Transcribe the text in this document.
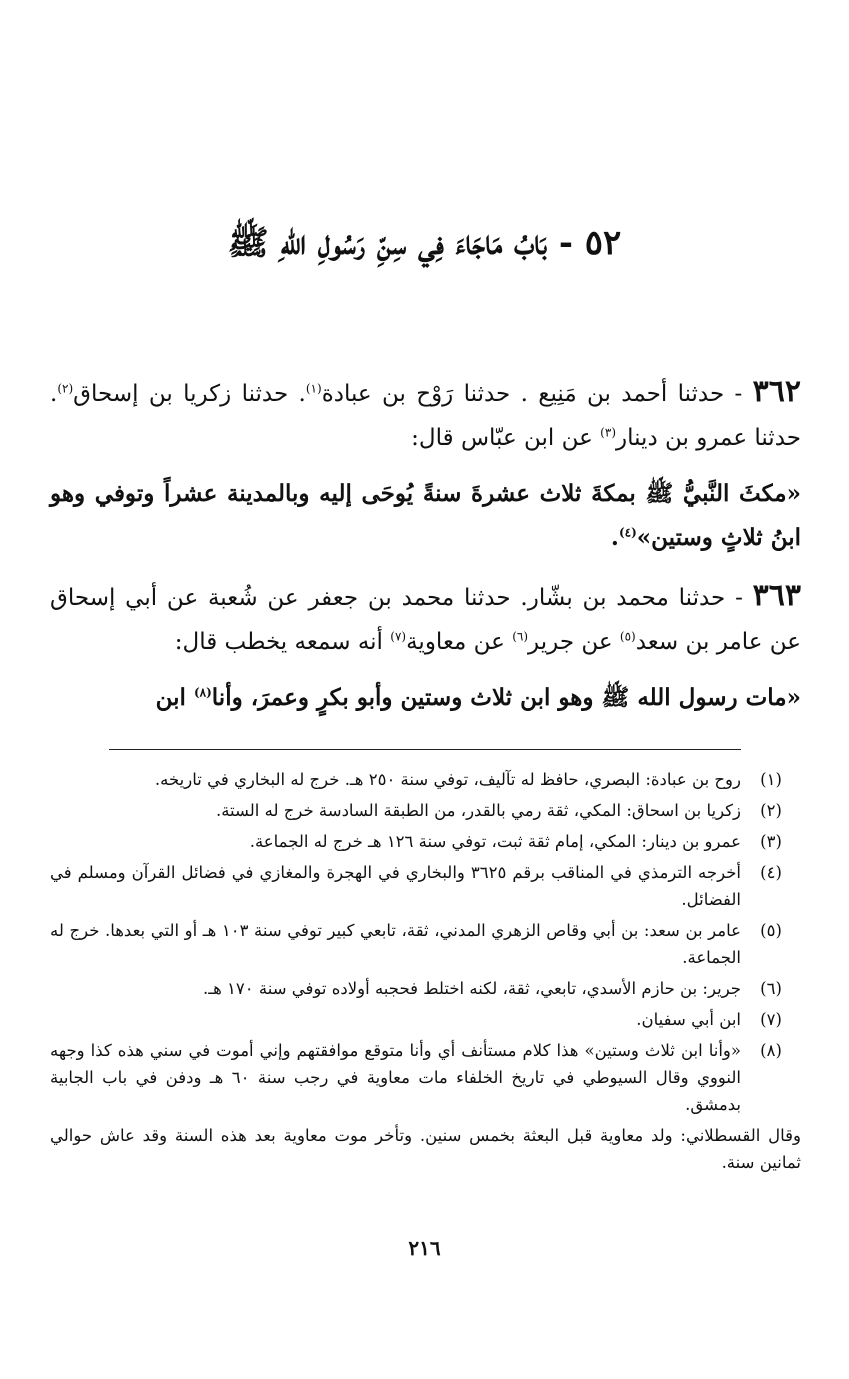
٥٢ - بَابُ مَاجَاءَ فِي سِنِّ رَسُولِ اللهِ ﷺ

٣٦٢ - حدثنا أحمد بن مَنِيع . حدثنا رَوْح بن عبادة$^{(١)}$. حدثنا زكريا بن إسحاق$^{(٢)}$. حدثنا عمرو بن دينار$^{(٣)}$ عن ابن عبّاس قال:

«مكثَ النَّبيُّ ﷺ بمكةَ ثلاث عشرةَ سنةً يُوحَى إليه وبالمدينة عشراً وتوفي وهو ابنُ ثلاثٍ وستين»$^{(٤)}$.

٣٦٣ - حدثنا محمد بن بشّار. حدثنا محمد بن جعفر عن شُعبة عن أبي إسحاق عن عامر بن سعد$^{(٥)}$ عن جرير$^{(٦)}$ عن معاوية$^{(٧)}$ أنه سمعه يخطب قال:

«مات رسول الله ﷺ وهو ابن ثلاث وستين وأبو بكرٍ وعمرَ، وأنا$^{(٨)}$ ابن

(١)
روح بن عبادة: البصري، حافظ له تآليف، توفي سنة ٢٥٠ هـ. خرج له البخاري في تاريخه.
(٢)
زكريا بن اسحاق: المكي، ثقة رمي بالقدر، من الطبقة السادسة خرج له الستة.
(٣)
عمرو بن دينار: المكي، إمام ثقة ثبت، توفي سنة ١٢٦ هـ خرج له الجماعة.
(٤)
أخرجه الترمذي في المناقب برقم ٣٦٢٥ والبخاري في الهجرة والمغازي في فضائل القرآن ومسلم في الفضائل.
(٥)
عامر بن سعد: بن أبي وقاص الزهري المدني، ثقة، تابعي كبير توفي سنة ١٠٣ هـ أو التي بعدها. خرج له الجماعة.
(٦)
جرير: بن حازم الأسدي، تابعي، ثقة، لكنه اختلط فحجبه أولاده توفي سنة ١٧٠ هـ.
(٧)
ابن أبي سفيان.
(٨)
«وأنا ابن ثلاث وستين» هذا كلام مستأنف أي وأنا متوقع موافقتهم وإني أموت في سني هذه كذا وجهه النووي وقال السيوطي في تاريخ الخلفاء مات معاوية في رجب سنة ٦٠ هـ ودفن في باب الجابية بدمشق.
وقال القسطلاني: ولد معاوية قبل البعثة بخمس سنين. وتأخر موت معاوية بعد هذه السنة وقد عاش حوالي ثمانين سنة.
٢١٦
